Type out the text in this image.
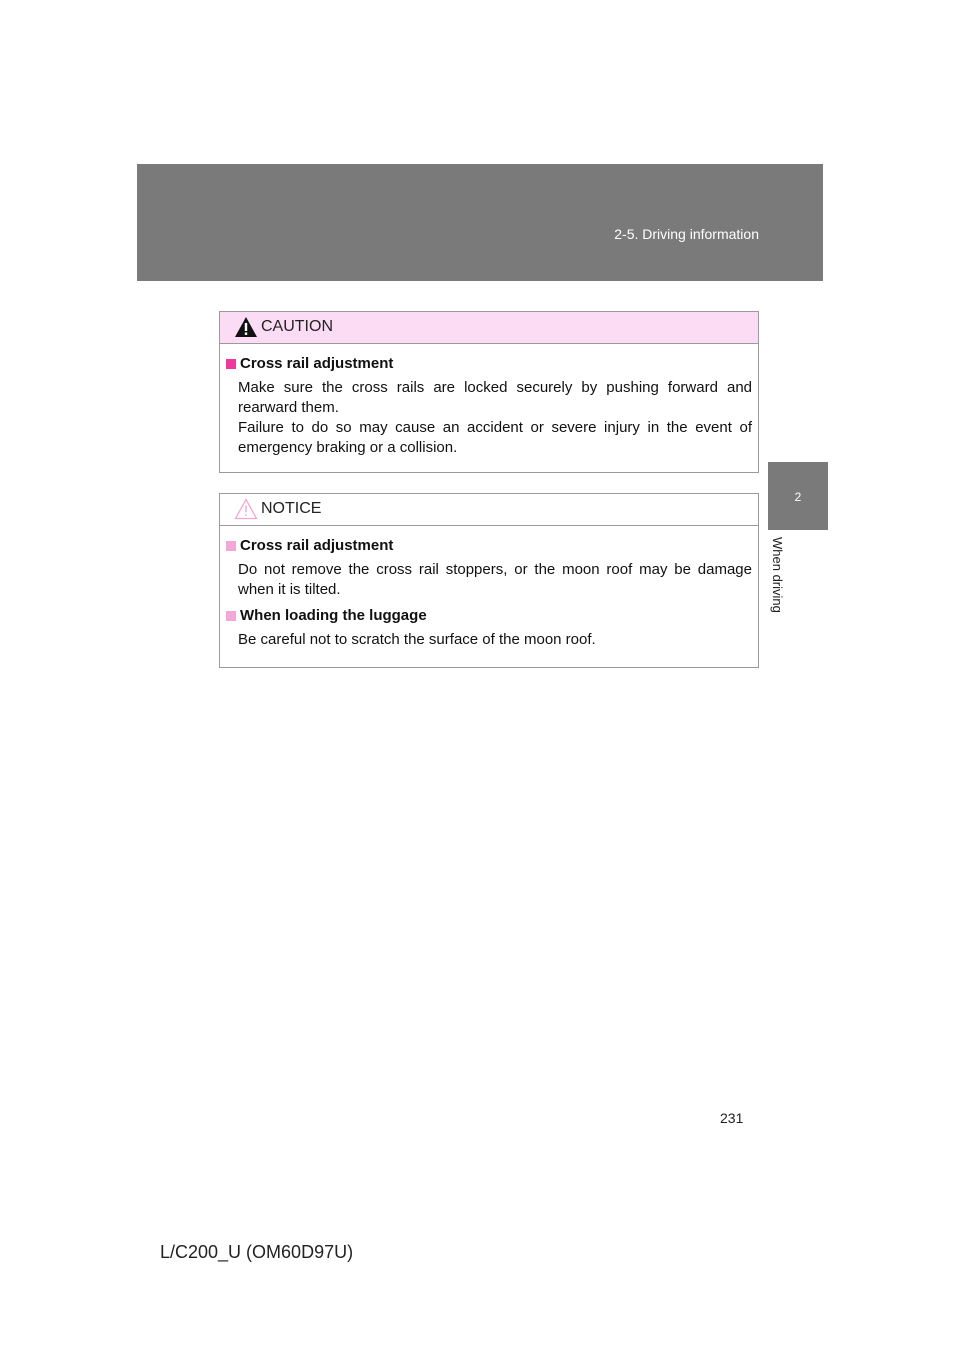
2-5. Driving information
2
When driving
CAUTION
Cross rail adjustment

Make sure the cross rails are locked securely by pushing forward and rearward them.

Failure to do so may cause an accident or severe injury in the event of emergency braking or a collision.

NOTICE
Cross rail adjustment

Do not remove the cross rail stoppers, or the moon roof may be damage when it is tilted.

When loading the luggage

Be careful not to scratch the surface of the moon roof.

231
L/C200_U (OM60D97U)
